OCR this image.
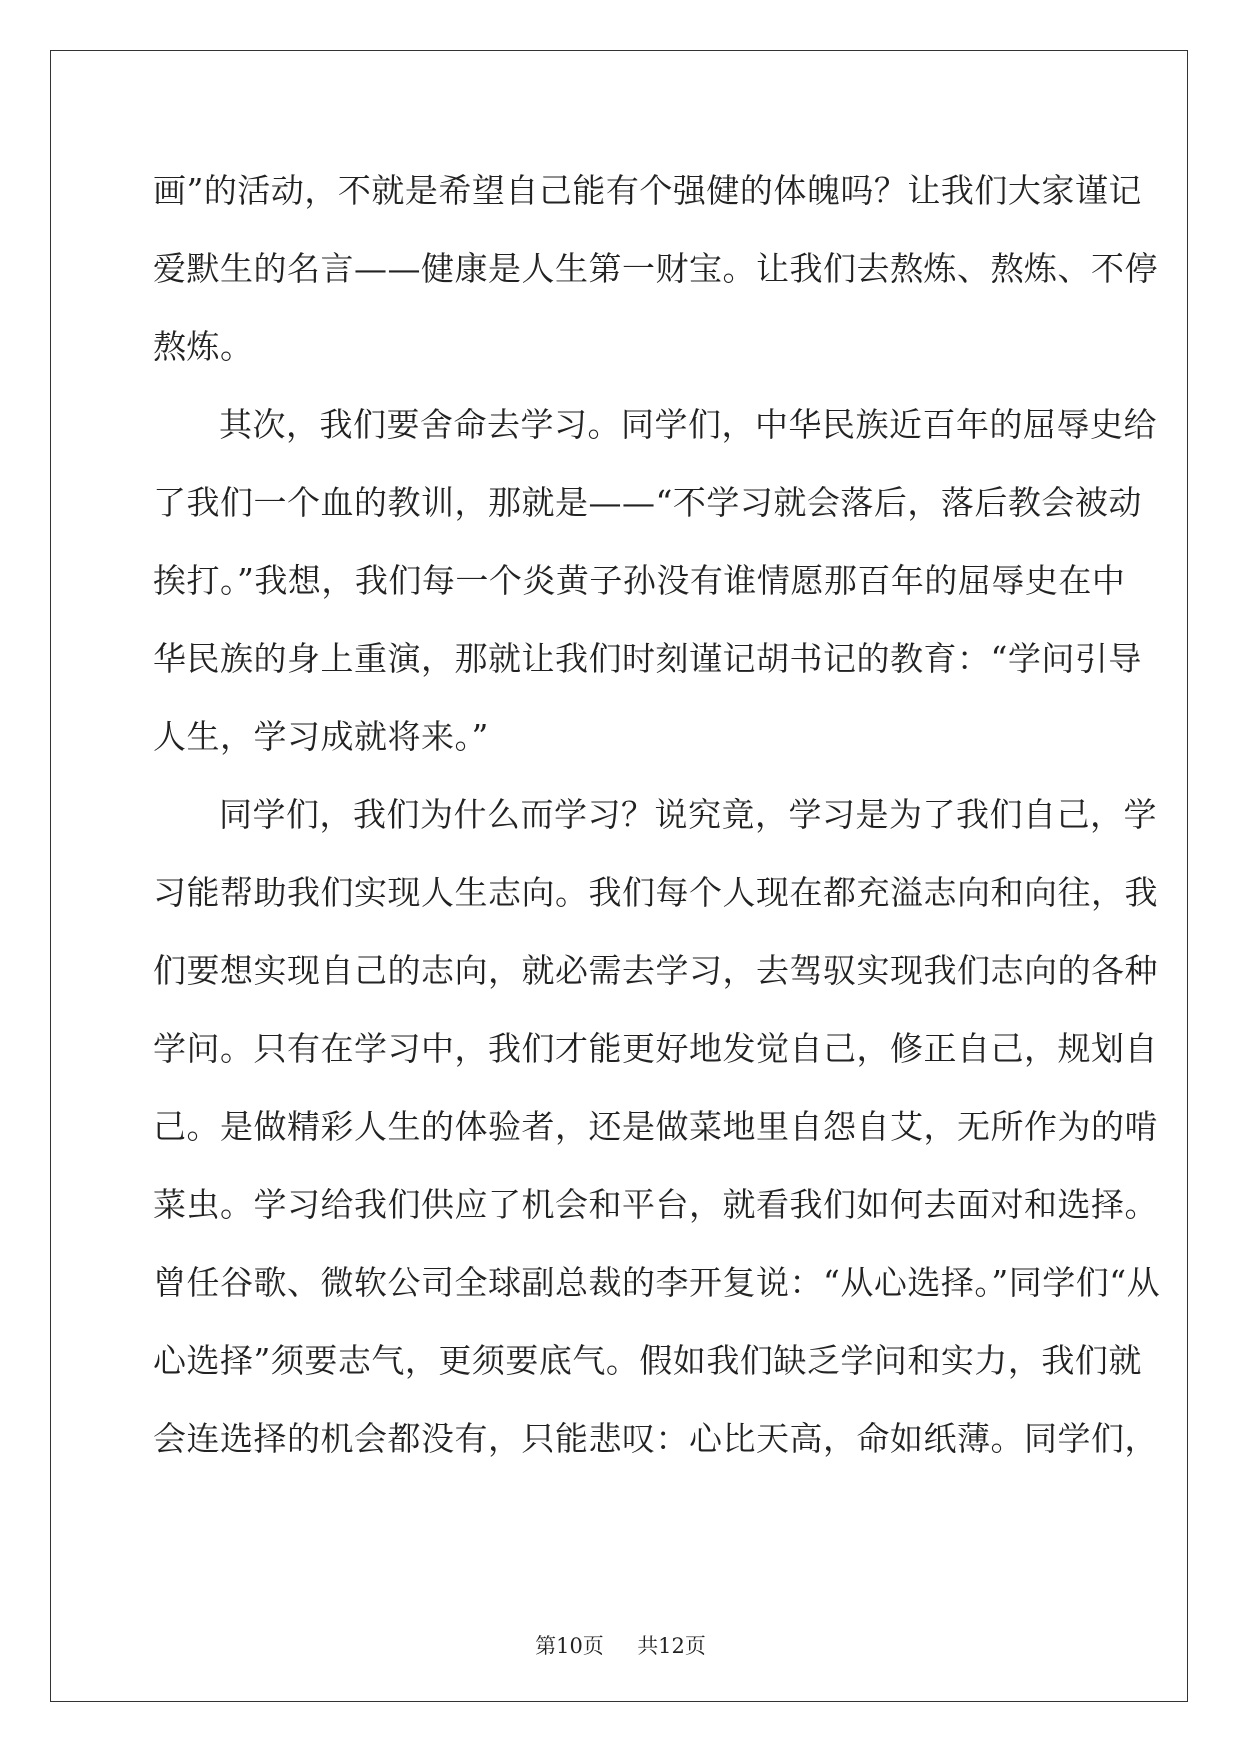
画”的活动，不就是希望自己能有个强健的体魄吗？让我们大家谨记
爱默生的名言——健康是人生第一财宝。让我们去熬炼、熬炼、不停
熬炼。
其次，我们要舍命去学习。同学们，中华民族近百年的屈辱史给
了我们一个血的教训，那就是——“不学习就会落后，落后教会被动
挨打。”我想，我们每一个炎黄子孙没有谁情愿那百年的屈辱史在中
华民族的身上重演，那就让我们时刻谨记胡书记的教育：“学问引导
人生，学习成就将来。”
同学们，我们为什么而学习？说究竟，学习是为了我们自己，学
习能帮助我们实现人生志向。我们每个人现在都充溢志向和向往，我
们要想实现自己的志向，就必需去学习，去驾驭实现我们志向的各种
学问。只有在学习中，我们才能更好地发觉自己，修正自己，规划自
己。是做精彩人生的体验者，还是做菜地里自怨自艾，无所作为的啃
菜虫。学习给我们供应了机会和平台，就看我们如何去面对和选择。
曾任谷歌、微软公司全球副总裁的李开复说：“从心选择。”同学们“从
心选择”须要志气，更须要底气。假如我们缺乏学问和实力，我们就
会连选择的机会都没有，只能悲叹：心比天高，命如纸薄。同学们，
第10页 共12页
